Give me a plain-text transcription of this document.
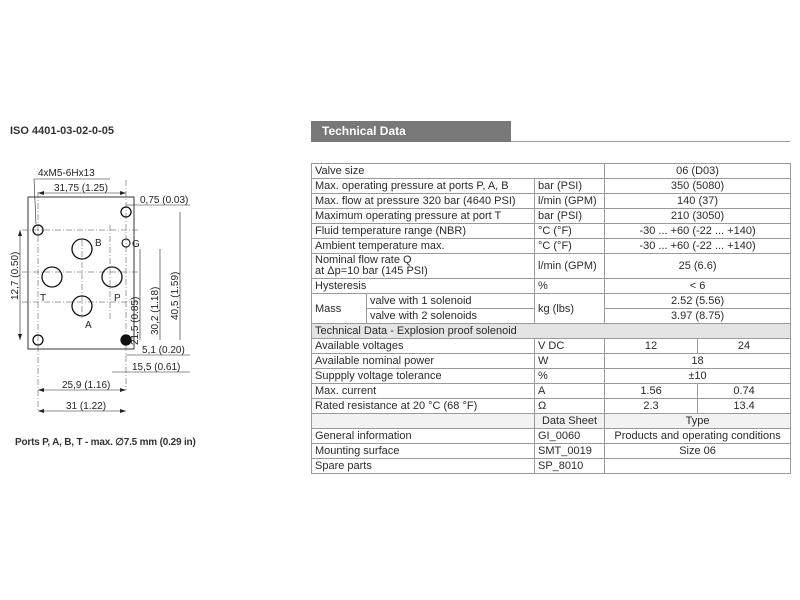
ISO 4401-03-02-0-05
B
T	P
A
G
4xM5-6Hx13
31,75 (1.25)
0,75 (0.03)
12,7 (0.50)
21,5 (0.85) 30,2 (1.18) 40,5 (1.59)
5,1 (0.20)
15,5 (0.61)
25,9 (1.16)
31 (1.22)
Ports P, A, B, T - max. ∅7.5 mm (0.29 in)
Technical Data
Valve size			06 (D03)	
Max. operating pressure at ports P, A, B		bar (PSI)	350 (5080)	
Max. flow at pressure 320 bar (4640 PSI)		l/min (GPM)	140 (37)	
Maximum operating pressure at port T		bar (PSI)	210 (3050)	
Fluid temperature range (NBR)		°C (°F)	-30 ... +60 (-22 ... +140)	
Ambient temperature max.		°C (°F)	-30 ... +60 (-22 ... +140)	

Nominal flow rate Q
at Δp=10 bar (145 PSI)		l/min (GPM)	25 (6.6)	
Hysteresis		%	< 6	
Mass	valve with 1 solenoid	kg (lbs)	2.52 (5.56)	
	valve with 2 solenoids		3.97 (8.75)	
Technical Data - Explosion proof solenoid				
Available voltages		V DC	12	24
Available nominal power		W	18	
Suppply voltage tolerance		%	±10	
Max. current		A	1.56	0.74
Rated resistance at 20 °C (68 °F)		Ω	2.3	13.4
		Data Sheet	Type	
General information		GI_0060	Products and operating conditions	
Mounting surface		SMT_0019	Size 06	
Spare parts		SP_8010		
